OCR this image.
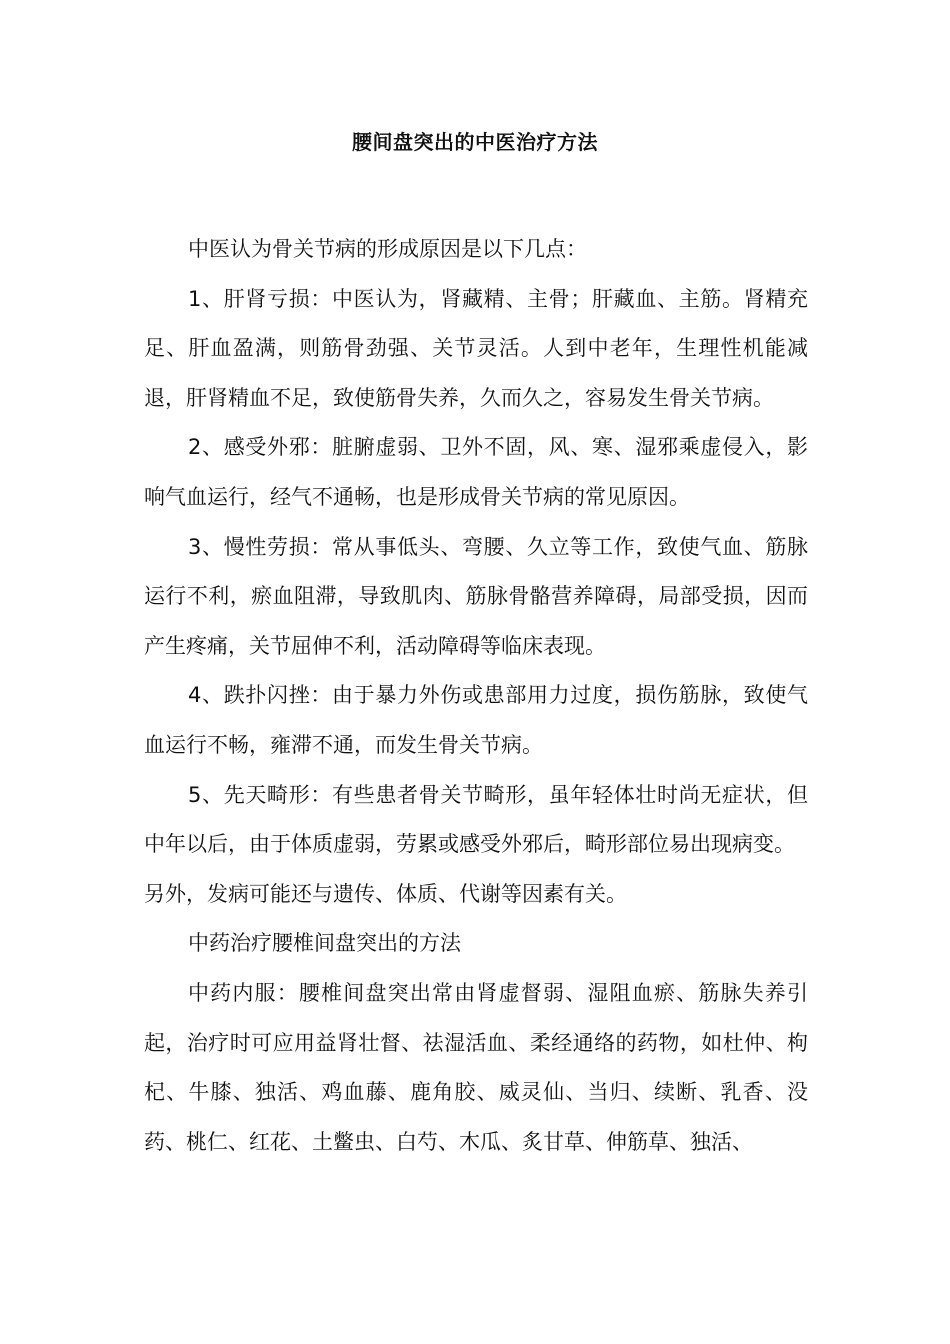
腰间盘突出的中医治疗方法

中医认为骨关节病的形成原因是以下几点：

1、肝肾亏损：中医认为，肾藏精、主骨；肝藏血、主筋。肾精充足、肝血盈满，则筋骨劲强、关节灵活。人到中老年，生理性机能减退，肝肾精血不足，致使筋骨失养，久而久之，容易发生骨关节病。

2、感受外邪：脏腑虚弱、卫外不固，风、寒、湿邪乘虚侵入，影响气血运行，经气不通畅，也是形成骨关节病的常见原因。

3、慢性劳损：常从事低头、弯腰、久立等工作，致使气血、筋脉运行不利，瘀血阻滞，导致肌肉、筋脉骨骼营养障碍，局部受损，因而产生疼痛，关节屈伸不利，活动障碍等临床表现。

4、跌扑闪挫：由于暴力外伤或患部用力过度，损伤筋脉，致使气血运行不畅，雍滞不通，而发生骨关节病。

5、先天畸形：有些患者骨关节畸形，虽年轻体壮时尚无症状，但中年以后，由于体质虚弱，劳累或感受外邪后，畸形部位易出现病变。

另外，发病可能还与遗传、体质、代谢等因素有关。

中药治疗腰椎间盘突出的方法

中药内服：腰椎间盘突出常由肾虚督弱、湿阻血瘀、筋脉失养引起，治疗时可应用益肾壮督、祛湿活血、柔经通络的药物，如杜仲、枸杞、牛膝、独活、鸡血藤、鹿角胶、威灵仙、当归、续断、乳香、没药、桃仁、红花、土鳖虫、白芍、木瓜、炙甘草、伸筋草、独活、
